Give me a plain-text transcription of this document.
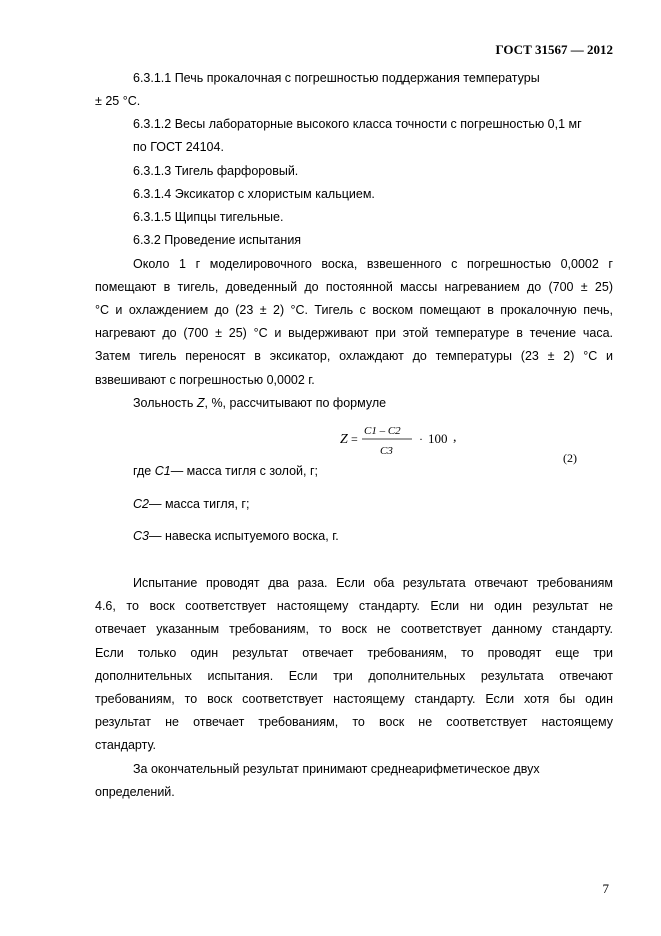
ГОСТ 31567 — 2012
6.3.1.1 Печь прокалочная с погрешностью поддержания температуры
± 25 °С.
6.3.1.2 Весы лабораторные высокого класса точности с погрешностью 0,1 мг
по ГОСТ 24104.
6.3.1.3 Тигель фарфоровый.
6.3.1.4 Эксикатор с хлористым кальцием.
6.3.1.5 Щипцы тигельные.
6.3.2 Проведение испытания
Около 1 г моделировочного воска, взвешенного с погрешностью 0,0002 г
помещают в тигель, доведенный до постоянной массы нагреванием до (700 ± 25)
°С и охлаждением до (23 ± 2) °С. Тигель с воском помещают в прокалочную печь,
нагревают до (700 ± 25) °С и выдерживают при этой температуре в течение часа.
Затем тигель переносят в эксикатор, охлаждают до температуры (23 ± 2) °С и
взвешивают с погрешностью 0,0002 г.
Зольность Z, %, рассчитывают по формуле
Z =
C1 – C2
C3
· 100 ,
(2)
где C1— масса тигля с золой, г;
C2— масса тигля, г;
C3— навеска испытуемого воска, г.
Испытание проводят два раза. Если оба результата отвечают требованиям
4.6, то воск соответствует настоящему стандарту. Если ни один результат не
отвечает указанным требованиям, то воск не соответствует данному стандарту.
Если только один результат отвечает требованиям, то проводят еще три
дополнительных испытания. Если три дополнительных результата отвечают
требованиям, то воск соответствует настоящему стандарту. Если хотя бы один
результат не отвечает требованиям, то воск не соответствует настоящему
стандарту.
За окончательный результат принимают среднеарифметическое двух
определений.
7
